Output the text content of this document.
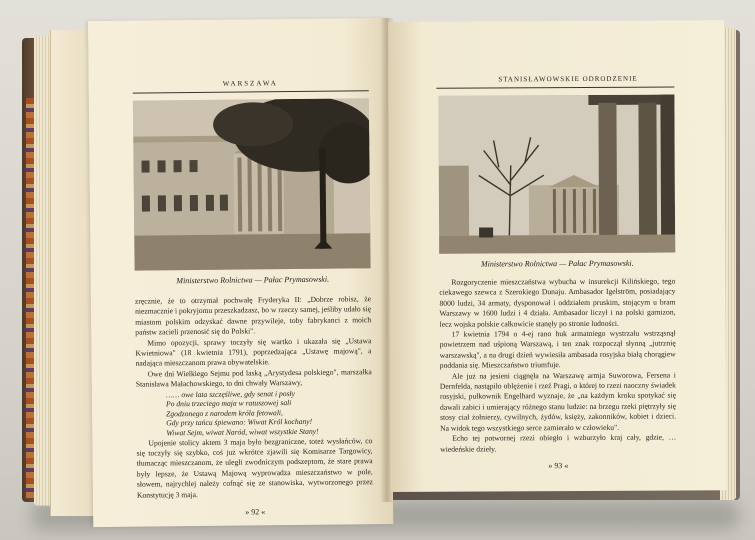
WARSZAWA
Ministerstwo Rolnictwa — Pałac Prymasowski.

zręcznie, że to otrzymał pochwałę Fryderyka II: „Dobrze robisz, że niezmacznie i pokryjomu przeszkadzasz, bo w rzeczy samej, jeśliby udało się miastom polskim odzyskać dawne przywileje, toby fabrykanci z moich państw zacieli przenosić się do Polski".

Mimo opozycji, sprawy toczyły się wartko i ukazała się „Ustawa Kwietniowa" (18 kwietnia 1791), poprzedzająca „Ustawę majową", a nadająca mieszczanom prawa obywatelskie.

Owe dni Wielkiego Sejmu pod laską „Arystydesa polskiego", marszałka Stanisława Małachowskiego, to dni chwały Warszawy,

…… owe lata szczęśliwe, gdy senat i posły

Po dniu trzeciego maja w ratuszowej sali

Zgodzonego z narodem króla fetowali,

Gdy przy tańcu śpiewano: Wiwat Król kochany!

Wiwat Sejm, wiwat Naród, wiwat wszystkie Stany!

Upojenie stolicy aktem 3 maja było bezgraniczne, toteż wysłańców, co się toczyły się szybko, coś już wkrótce zjawili się Komisarze Targowicy, tłumacząc mieszczanom, że uległi zwodniczym podszeptom, że stare prawa były lepsze, że Ustawą Majową wyprowadza mieszczaństwo w pole, słowem, najrychlej należy cofnąć się ze stanowiska, wytworzonego przez Konstytucję 3 maja.

» 92 «
STANISŁAWOWSKIE ODRODZENIE
Ministerstwo Rolnictwa — Pałac Prymasowski.

Rozgoryczenie mieszczaństwa wybucha w insurekcji Kilińskiego, tego ciekawego szewca z Szerokiego Dunaju. Ambasador Igelström, posiadający 8000 ludzi, 34 armaty, dysponował i oddziałem pruskim, stojącym u bram Warszawy w 1600 ludzi i 4 działa. Ambasador liczył i na polski garnizon, lecz wojska polskie całkowicie stanęły po stronie ludności.

17 kwietnia 1794 o 4-ej rano huk armatniego wystrzału wstrząsnął powietrzem nad uśpioną Warszawą, i ten znak rozpoczął słynną „jutrznię warszawską", a na drugi dzień wywiesiła ambasada rosyjska białą chorągiew poddania się. Mieszczaństwo triumfuje.

Ale już na jesieni ciągnęła na Warszawę armja Suworowa, Fersena i Dernfelda, nastąpiło oblężenie i rzeź Pragi, o której to rzezi naoczny świadek rosyjski, pułkownik Engelhard wyznaje, że „na każdym kroku spotykać się dawali zabici i umierający różnego stanu ludzie: na brzegu rzeki piętrzyły się stosy ciał żołnierzy, cywilnych, żydów, księży, zakonników, kobiet i dzieci. Na widok tego wszystkiego serce zamierało w człowieku".

Echo tej potwornej rzezi obiegło i wzburzyło kraj cały, gdzie, … wiedeńskie dzieły.

» 93 «
